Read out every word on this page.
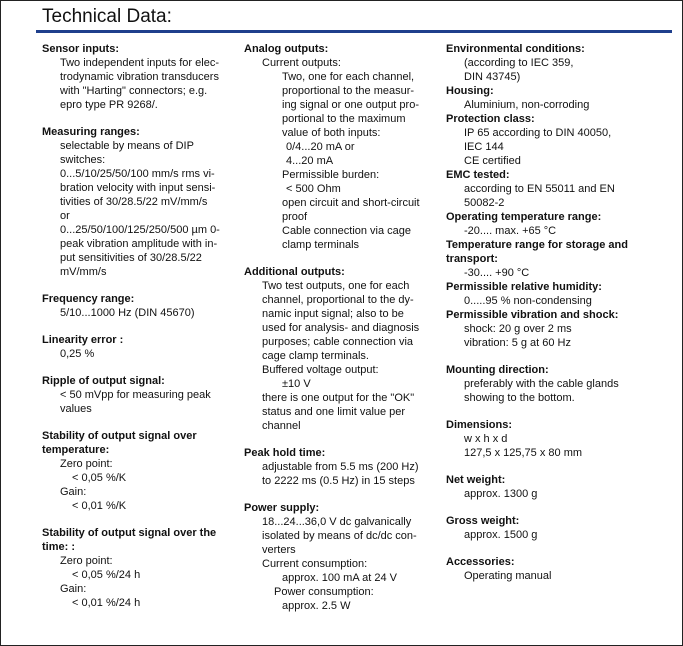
Technical Data:
Sensor inputs:
Two independent inputs for elec-
trodynamic vibration transducers
with "Harting" connectors; e.g.
epro type PR 9268/.
Measuring ranges:
selectable by means of DIP
switches:
0...5/10/25/50/100 mm/s rms vi-
bration velocity with input sensi-
tivities of 30/28.5/22 mV/mm/s
or
0...25/50/100/125/250/500 µm 0-
peak vibration amplitude with in-
put sensitivities of 30/28.5/22
mV/mm/s
Frequency range:
5/10...1000 Hz (DIN 45670)
Linearity error :
0,25 %
Ripple of output signal:
< 50 mVpp for measuring peak
values
Stability of output signal over temperature:
Zero point:
< 0,05 %/K
Gain:
< 0,01 %/K
Stability of output signal over the time: :
Zero point:
< 0,05 %/24 h
Gain:
< 0,01 %/24 h
Analog outputs:
Current outputs:
Two, one for each channel,
proportional to the measur-
ing signal or one output pro-
portional to the maximum
value of both inputs:
0/4...20 mA or
4...20 mA
Permissible burden:
< 500 Ohm
open circuit and short-circuit
proof
Cable connection via cage
clamp terminals
Additional outputs:
Two test outputs, one for each
channel, proportional to the dy-
namic input signal; also to be
used for analysis- and diagnosis
purposes; cable connection via
cage clamp terminals.
Buffered voltage output:
±10 V
there is one output for the "OK"
status and one limit value per
channel
Peak hold time:
adjustable from 5.5 ms (200 Hz)
to 2222 ms (0.5 Hz) in 15 steps
Power supply:
18...24...36,0 V dc galvanically
isolated by means of dc/dc con-
verters
Current consumption:
approx. 100 mA at 24 V
Power consumption:
approx. 2.5 W
Environmental conditions:
(according to IEC 359,
DIN 43745)
Housing:
Aluminium, non-corroding
Protection class:
IP 65 according to DIN 40050,
IEC 144
CE certified
EMC tested:
according to EN 55011 and EN
50082-2
Operating temperature range:
-20.... max. +65 °C
Temperature range for storage and transport:
-30.... +90 °C
Permissible relative humidity:
0.....95 % non-condensing
Permissible vibration and shock:
shock: 20 g over 2 ms
vibration: 5 g at 60 Hz
Mounting direction:
preferably with the cable glands
showing to the bottom.
Dimensions:
w x h x d
127,5 x 125,75 x 80 mm
Net weight:
approx. 1300 g
Gross weight:
approx. 1500 g
Accessories:
Operating manual
